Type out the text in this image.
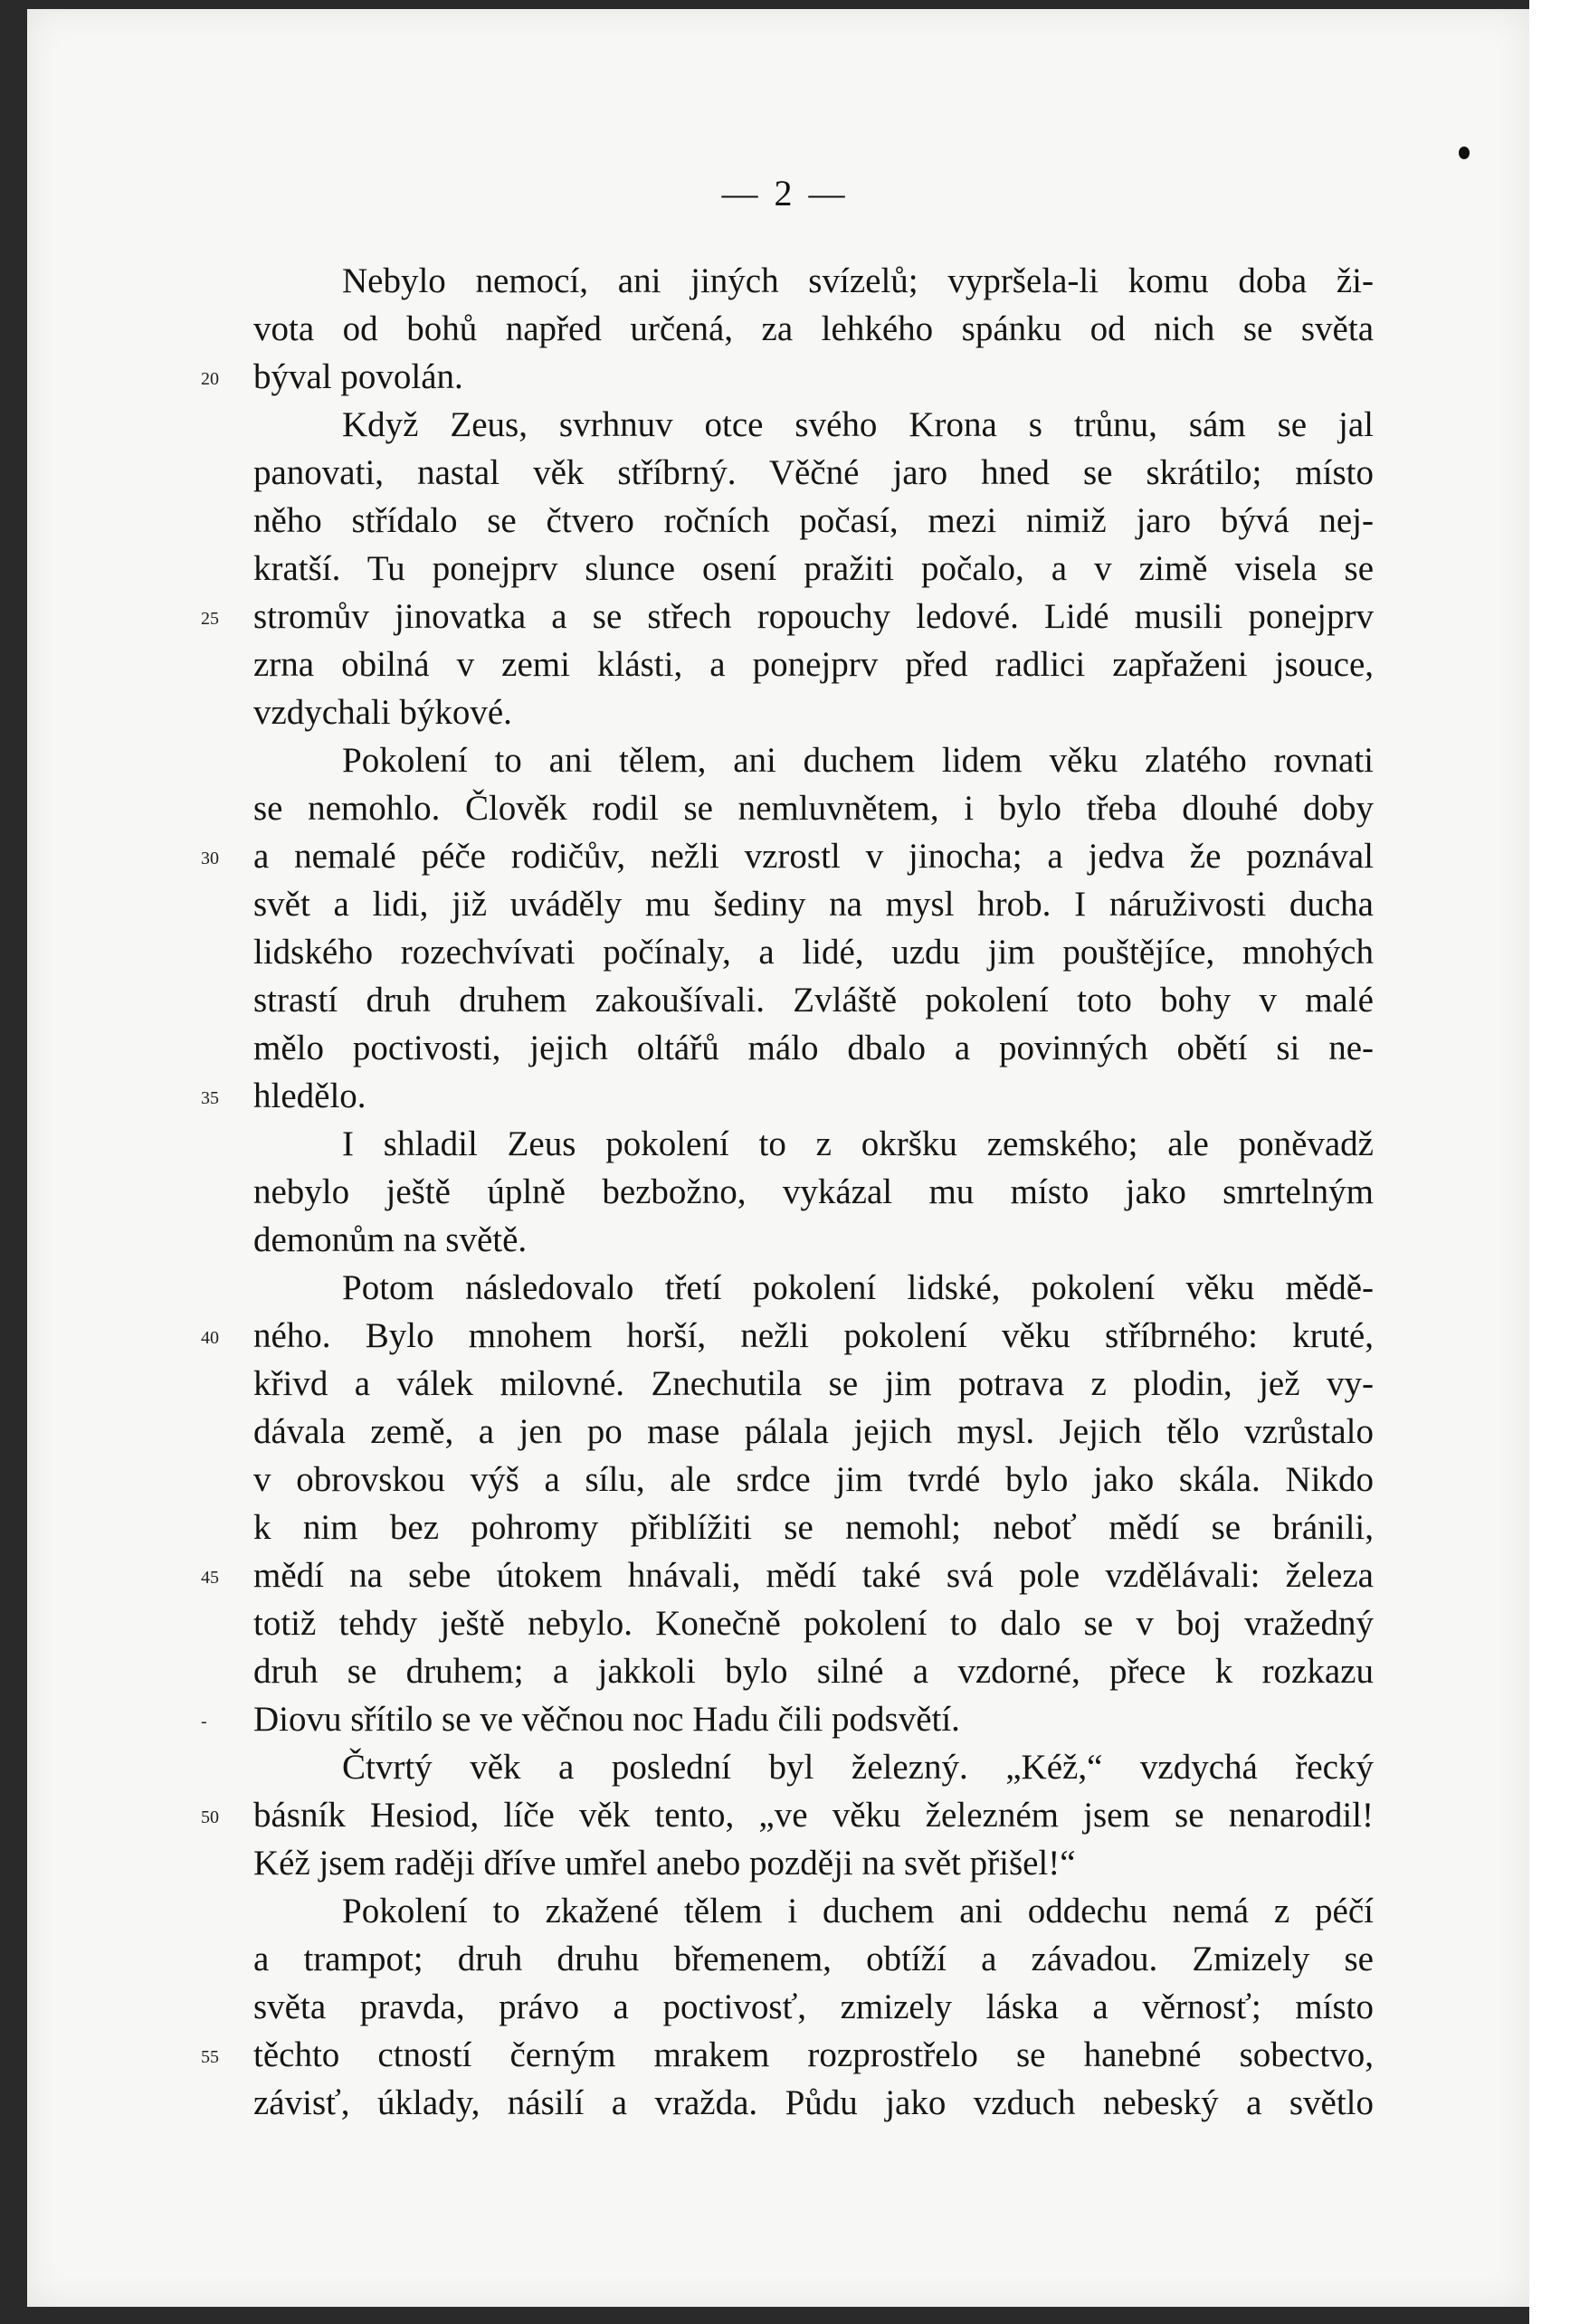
— 2 —
Nebylo nemocí, ani jiných svízelů; vypršela-li komu doba ži-
vota od bohů napřed určená, za lehkého spánku od nich se světa
býval povolán.
Když Zeus, svrhnuv otce svého Krona s trůnu, sám se jal
panovati, nastal věk stříbrný. Věčné jaro hned se skrátilo; místo
něho střídalo se čtvero ročních počasí, mezi nimiž jaro bývá nej-
kratší. Tu ponejprv slunce osení pražiti počalo, a v zimě visela se
stromův jinovatka a se střech ropouchy ledové. Lidé musili ponejprv
zrna obilná v zemi klásti, a ponejprv před radlici zapřaženi jsouce,
vzdychali býkové.
Pokolení to ani tělem, ani duchem lidem věku zlatého rovnati
se nemohlo. Člověk rodil se nemluvnětem, i bylo třeba dlouhé doby
a nemalé péče rodičův, nežli vzrostl v jinocha; a jedva že poznával
svět a lidi, již uváděly mu šediny na mysl hrob. I náruživosti ducha
lidského rozechvívati počínaly, a lidé, uzdu jim pouštějíce, mnohých
strastí druh druhem zakoušívali. Zvláště pokolení toto bohy v malé
mělo poctivosti, jejich oltářů málo dbalo a povinných obětí si ne-
hledělo.
I shladil Zeus pokolení to z okršku zemského; ale poněvadž
nebylo ještě úplně bezbožno, vykázal mu místo jako smrtelným
demonům na světě.
Potom následovalo třetí pokolení lidské, pokolení věku mědě-
ného. Bylo mnohem horší, nežli pokolení věku stříbrného: kruté,
křivd a válek milovné. Znechutila se jim potrava z plodin, jež vy-
dávala země, a jen po mase pálala jejich mysl. Jejich tělo vzrůstalo
v obrovskou výš a sílu, ale srdce jim tvrdé bylo jako skála. Nikdo
k nim bez pohromy přiblížiti se nemohl; neboť mědí se bránili,
mědí na sebe útokem hnávali, mědí také svá pole vzdělávali: železa
totiž tehdy ještě nebylo. Konečně pokolení to dalo se v boj vražedný
druh se druhem; a jakkoli bylo silné a vzdorné, přece k rozkazu
Diovu sřítilo se ve věčnou noc Hadu čili podsvětí.
Čtvrtý věk a poslední byl železný. „Kéž,“ vzdychá řecký
básník Hesiod, líče věk tento, „ve věku železném jsem se nenarodil!
Kéž jsem raději dříve umřel anebo později na svět přišel!“
Pokolení to zkažené tělem i duchem ani oddechu nemá z péčí
a trampot; druh druhu břemenem, obtíží a závadou. Zmizely se
světa pravda, právo a poctivosť, zmizely láska a věrnosť; místo
těchto ctností černým mrakem rozprostřelo se hanebné sobectvo,
závisť, úklady, násilí a vražda. Půdu jako vzduch nebeský a světlo
20
25
30
35
40
45
-
50
55
